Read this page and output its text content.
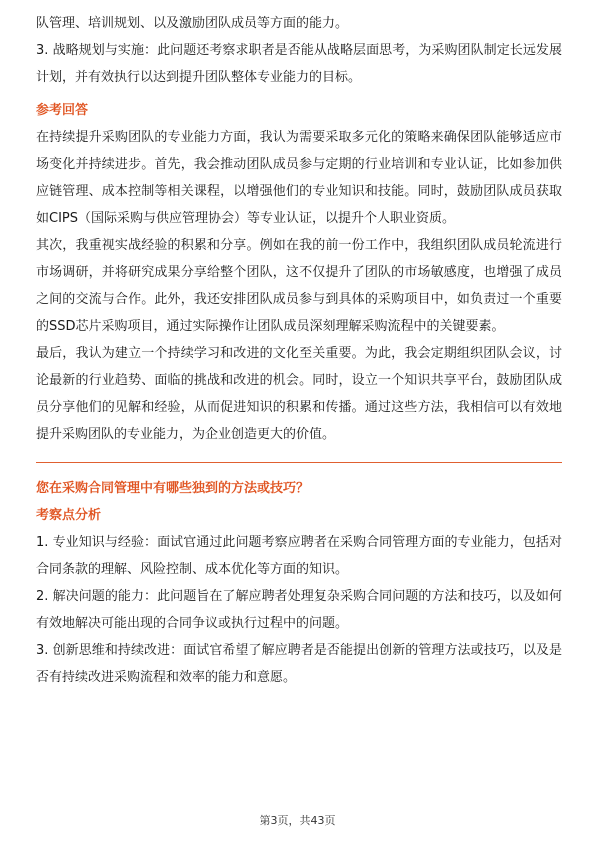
队管理、培训规划、以及激励团队成员等方面的能力。

3. 战略规划与实施：此问题还考察求职者是否能从战略层面思考，为采购团队制定长远发展计划，并有效执行以达到提升团队整体专业能力的目标。

参考回答

在持续提升采购团队的专业能力方面，我认为需要采取多元化的策略来确保团队能够适应市场变化并持续进步。首先，我会推动团队成员参与定期的行业培训和专业认证，比如参加供应链管理、成本控制等相关课程，以增强他们的专业知识和技能。同时，鼓励团队成员获取如CIPS（国际采购与供应管理协会）等专业认证，以提升个人职业资质。

其次，我重视实战经验的积累和分享。例如在我的前一份工作中，我组织团队成员轮流进行市场调研，并将研究成果分享给整个团队，这不仅提升了团队的市场敏感度，也增强了成员之间的交流与合作。此外，我还安排团队成员参与到具体的采购项目中，如负责过一个重要的SSD芯片采购项目，通过实际操作让团队成员深刻理解采购流程中的关键要素。

最后，我认为建立一个持续学习和改进的文化至关重要。为此，我会定期组织团队会议，讨论最新的行业趋势、面临的挑战和改进的机会。同时，设立一个知识共享平台，鼓励团队成员分享他们的见解和经验，从而促进知识的积累和传播。通过这些方法，我相信可以有效地提升采购团队的专业能力，为企业创造更大的价值。

您在采购合同管理中有哪些独到的方法或技巧？
考察点分析

1. 专业知识与经验：面试官通过此问题考察应聘者在采购合同管理方面的专业能力，包括对合同条款的理解、风险控制、成本优化等方面的知识。

2. 解决问题的能力：此问题旨在了解应聘者处理复杂采购合同问题的方法和技巧，以及如何有效地解决可能出现的合同争议或执行过程中的问题。

3. 创新思维和持续改进：面试官希望了解应聘者是否能提出创新的管理方法或技巧，以及是否有持续改进采购流程和效率的能力和意愿。

第3页，共43页
